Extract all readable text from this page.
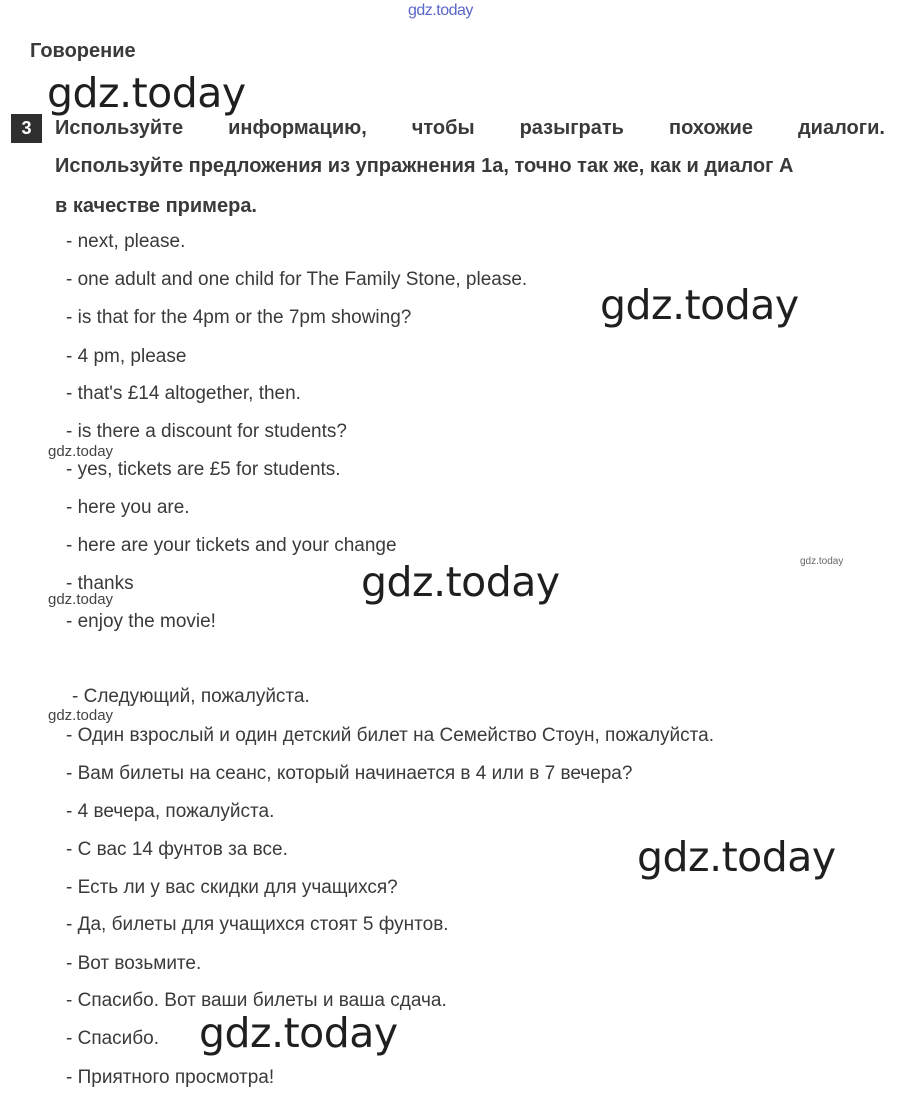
gdz.today
Говорение
gdz.today
3	Используйте информацию, чтобы разыграть похожие диалоги.
Используйте предложения из упражнения 1а, точно так же, как и диалог А
в качестве примера.
- next, please.
- one adult and one child for The Family Stone, please.
- is that for the 4pm or the 7pm showing?
- 4 pm, please
- that's £14 altogether, then.
- is there a discount for students?
- yes, tickets are £5 for students.
- here you are.
- here are your tickets and your change
- thanks
- enjoy the movie!
- Следующий, пожалуйста.
- Один взрослый и один детский билет на Семейство Стоун, пожалуйста.
- Вам билеты на сеанс, который начинается в 4 или в 7 вечера?
- 4 вечера, пожалуйста.
- С вас 14 фунтов за все.
- Есть ли у вас скидки для учащихся?
- Да, билеты для учащихся стоят 5 фунтов.
- Вот возьмите.
- Спасибо. Вот ваши билеты и ваша сдача.
- Спасибо.
- Приятного просмотра!
gdz.today
gdz.today
gdz.today
gdz.today
gdz.today
gdz.today
gdz.today
gdz.today
